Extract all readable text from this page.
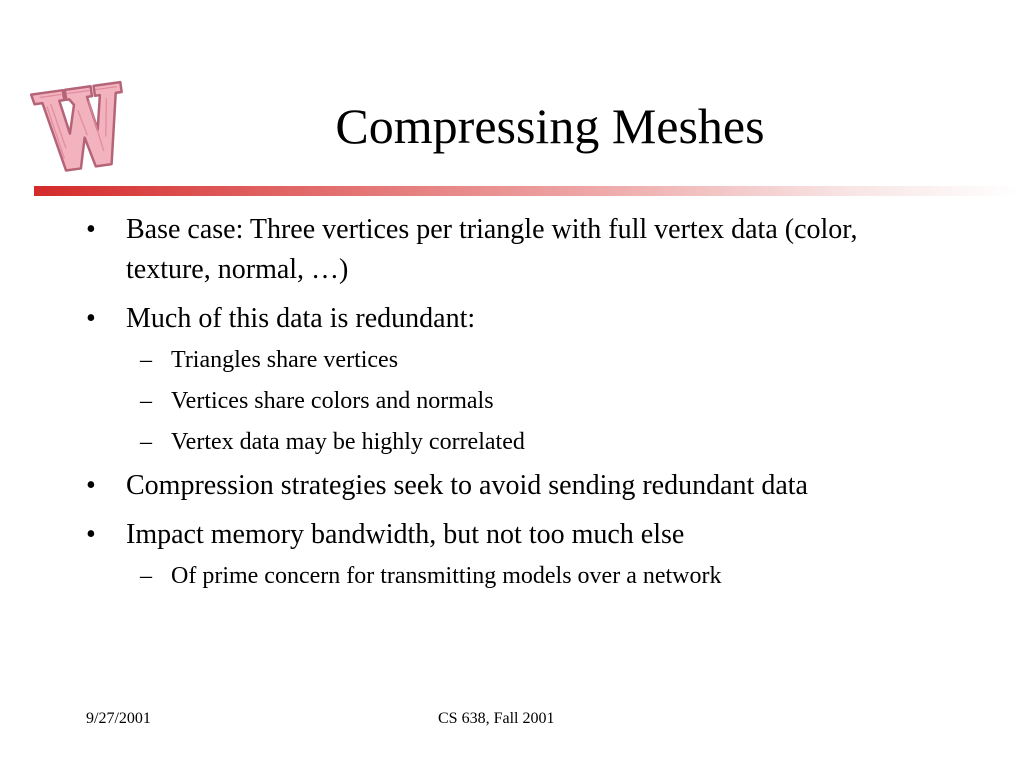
Compressing Meshes
• Base case: Three vertices per triangle with full vertex data (color, texture, normal, …)
• Much of this data is redundant:
– Triangles share vertices
– Vertices share colors and normals
– Vertex data may be highly correlated
• Compression strategies seek to avoid sending redundant data
• Impact memory bandwidth, but not too much else
– Of prime concern for transmitting models over a network
9/27/2001	CS 638, Fall 2001
